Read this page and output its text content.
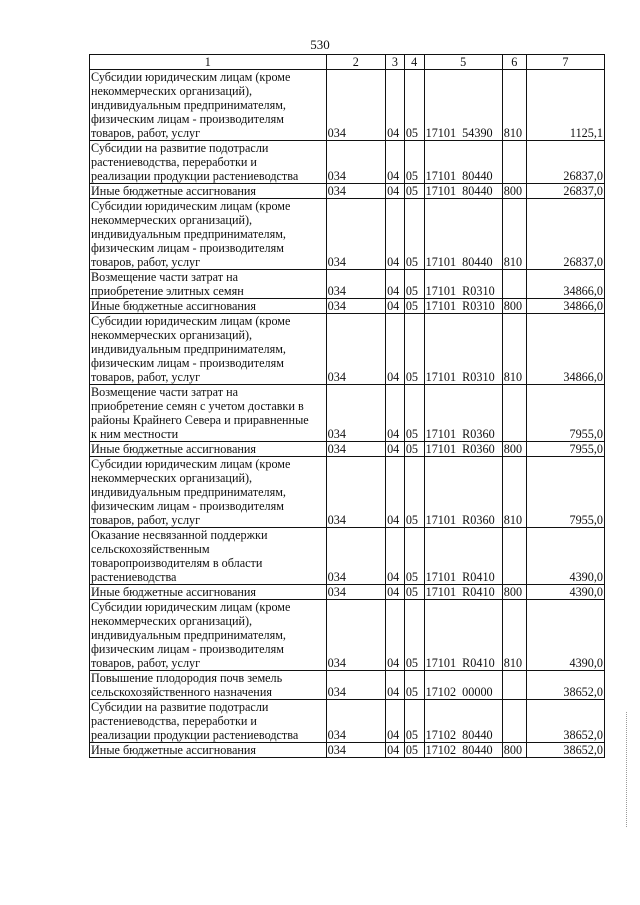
530
1	2	3	4	5	6	7
Субсидии юридическим лицам (кроме
некоммерческих организаций),
индивидуальным предпринимателям,
физическим лицам - производителям
товаров, работ, услуг	034	04	05	17101  54390	810	1125,1
Субсидии на развитие подотрасли
растениеводства, переработки и
реализации продукции растениеводства	034	04	05	17101  80440		26837,0
Иные бюджетные ассигнования	034	04	05	17101  80440	800	26837,0
Субсидии юридическим лицам (кроме
некоммерческих организаций),
индивидуальным предпринимателям,
физическим лицам - производителям
товаров, работ, услуг	034	04	05	17101  80440	810	26837,0
Возмещение части затрат на
приобретение элитных семян	034	04	05	17101  R0310		34866,0
Иные бюджетные ассигнования	034	04	05	17101  R0310	800	34866,0
Субсидии юридическим лицам (кроме
некоммерческих организаций),
индивидуальным предпринимателям,
физическим лицам - производителям
товаров, работ, услуг	034	04	05	17101  R0310	810	34866,0
Возмещение части затрат на
приобретение семян с учетом доставки в
районы Крайнего Севера и приравненные
к ним местности	034	04	05	17101  R0360		7955,0
Иные бюджетные ассигнования	034	04	05	17101  R0360	800	7955,0
Субсидии юридическим лицам (кроме
некоммерческих организаций),
индивидуальным предпринимателям,
физическим лицам - производителям
товаров, работ, услуг	034	04	05	17101  R0360	810	7955,0
Оказание несвязанной поддержки
сельскохозяйственным
товаропроизводителям в области
растениеводства	034	04	05	17101  R0410		4390,0
Иные бюджетные ассигнования	034	04	05	17101  R0410	800	4390,0
Субсидии юридическим лицам (кроме
некоммерческих организаций),
индивидуальным предпринимателям,
физическим лицам - производителям
товаров, работ, услуг	034	04	05	17101  R0410	810	4390,0
Повышение плодородия почв земель
сельскохозяйственного назначения	034	04	05	17102  00000		38652,0
Субсидии на развитие подотрасли
растениеводства, переработки и
реализации продукции растениеводства	034	04	05	17102  80440		38652,0
Иные бюджетные ассигнования	034	04	05	17102  80440	800	38652,0
